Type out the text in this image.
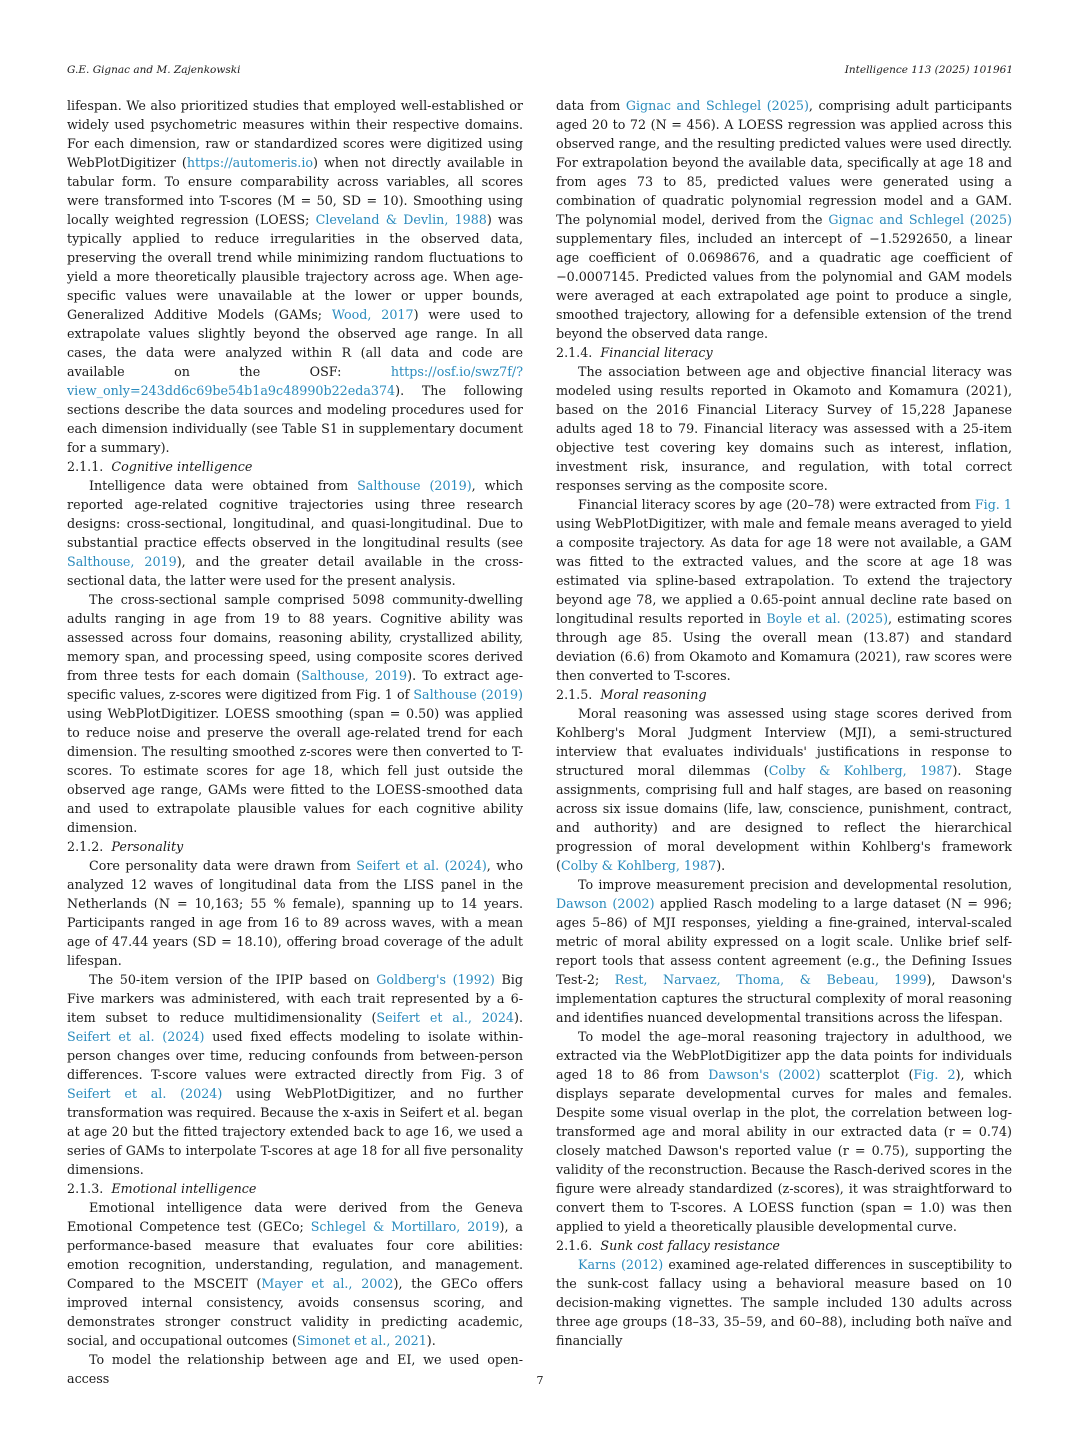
G.E. Gignac and M. Zajenkowski	Intelligence 113 (2025) 101961

lifespan. We also prioritized studies that employed well-established or widely used psychometric measures within their respective domains. For each dimension, raw or standardized scores were digitized using WebPlotDigitizer (https://automeris.io) when not directly available in tabular form. To ensure comparability across variables, all scores were transformed into T-scores (M = 50, SD = 10). Smoothing using locally weighted regression (LOESS; Cleveland & Devlin, 1988) was typically applied to reduce irregularities in the observed data, preserving the overall trend while minimizing random fluctuations to yield a more theoretically plausible trajectory across age. When age-specific values were unavailable at the lower or upper bounds, Generalized Additive Models (GAMs; Wood, 2017) were used to extrapolate values slightly beyond the observed age range. In all cases, the data were analyzed within R (all data and code are available on the OSF: https://osf.io/swz7f/?view_only=243dd6c69be54b1a9c48990b22eda374). The following sections describe the data sources and modeling procedures used for each dimension individually (see Table S1 in supplementary document for a summary).

2.1.1. Cognitive intelligence

Intelligence data were obtained from Salthouse (2019), which reported age-related cognitive trajectories using three research designs: cross-sectional, longitudinal, and quasi-longitudinal. Due to substantial practice effects observed in the longitudinal results (see Salthouse, 2019), and the greater detail available in the cross-sectional data, the latter were used for the present analysis.

The cross-sectional sample comprised 5098 community-dwelling adults ranging in age from 19 to 88 years. Cognitive ability was assessed across four domains, reasoning ability, crystallized ability, memory span, and processing speed, using composite scores derived from three tests for each domain (Salthouse, 2019). To extract age-specific values, z-scores were digitized from Fig. 1 of Salthouse (2019) using WebPlotDigitizer. LOESS smoothing (span = 0.50) was applied to reduce noise and preserve the overall age-related trend for each dimension. The resulting smoothed z-scores were then converted to T-scores. To estimate scores for age 18, which fell just outside the observed age range, GAMs were fitted to the LOESS-smoothed data and used to extrapolate plausible values for each cognitive ability dimension.

2.1.2. Personality

Core personality data were drawn from Seifert et al. (2024), who analyzed 12 waves of longitudinal data from the LISS panel in the Netherlands (N = 10,163; 55 % female), spanning up to 14 years. Participants ranged in age from 16 to 89 across waves, with a mean age of 47.44 years (SD = 18.10), offering broad coverage of the adult lifespan.

The 50-item version of the IPIP based on Goldberg's (1992) Big Five markers was administered, with each trait represented by a 6-item subset to reduce multidimensionality (Seifert et al., 2024). Seifert et al. (2024) used fixed effects modeling to isolate within-person changes over time, reducing confounds from between-person differences. T-score values were extracted directly from Fig. 3 of Seifert et al. (2024) using WebPlotDigitizer, and no further transformation was required. Because the x-axis in Seifert et al. began at age 20 but the fitted trajectory extended back to age 16, we used a series of GAMs to interpolate T-scores at age 18 for all five personality dimensions.

2.1.3. Emotional intelligence

Emotional intelligence data were derived from the Geneva Emotional Competence test (GECo; Schlegel & Mortillaro, 2019), a performance-based measure that evaluates four core abilities: emotion recognition, understanding, regulation, and management. Compared to the MSCEIT (Mayer et al., 2002), the GECo offers improved internal consistency, avoids consensus scoring, and demonstrates stronger construct validity in predicting academic, social, and occupational outcomes (Simonet et al., 2021).

To model the relationship between age and EI, we used open-access

data from Gignac and Schlegel (2025), comprising adult participants aged 20 to 72 (N = 456). A LOESS regression was applied across this observed range, and the resulting predicted values were used directly. For extrapolation beyond the available data, specifically at age 18 and from ages 73 to 85, predicted values were generated using a combination of quadratic polynomial regression model and a GAM. The polynomial model, derived from the Gignac and Schlegel (2025) supplementary files, included an intercept of −1.5292650, a linear age coefficient of 0.0698676, and a quadratic age coefficient of −0.0007145. Predicted values from the polynomial and GAM models were averaged at each extrapolated age point to produce a single, smoothed trajectory, allowing for a defensible extension of the trend beyond the observed data range.

2.1.4. Financial literacy

The association between age and objective financial literacy was modeled using results reported in Okamoto and Komamura (2021), based on the 2016 Financial Literacy Survey of 15,228 Japanese adults aged 18 to 79. Financial literacy was assessed with a 25-item objective test covering key domains such as interest, inflation, investment risk, insurance, and regulation, with total correct responses serving as the composite score.

Financial literacy scores by age (20–78) were extracted from Fig. 1 using WebPlotDigitizer, with male and female means averaged to yield a composite trajectory. As data for age 18 were not available, a GAM was fitted to the extracted values, and the score at age 18 was estimated via spline-based extrapolation. To extend the trajectory beyond age 78, we applied a 0.65-point annual decline rate based on longitudinal results reported in Boyle et al. (2025), estimating scores through age 85. Using the overall mean (13.87) and standard deviation (6.6) from Okamoto and Komamura (2021), raw scores were then converted to T-scores.

2.1.5. Moral reasoning

Moral reasoning was assessed using stage scores derived from Kohlberg's Moral Judgment Interview (MJI), a semi-structured interview that evaluates individuals' justifications in response to structured moral dilemmas (Colby & Kohlberg, 1987). Stage assignments, comprising full and half stages, are based on reasoning across six issue domains (life, law, conscience, punishment, contract, and authority) and are designed to reflect the hierarchical progression of moral development within Kohlberg's framework (Colby & Kohlberg, 1987).

To improve measurement precision and developmental resolution, Dawson (2002) applied Rasch modeling to a large dataset (N = 996; ages 5–86) of MJI responses, yielding a fine-grained, interval-scaled metric of moral ability expressed on a logit scale. Unlike brief self-report tools that assess content agreement (e.g., the Defining Issues Test-2; Rest, Narvaez, Thoma, & Bebeau, 1999), Dawson's implementation captures the structural complexity of moral reasoning and identifies nuanced developmental transitions across the lifespan.

To model the age–moral reasoning trajectory in adulthood, we extracted via the WebPlotDigitizer app the data points for individuals aged 18 to 86 from Dawson's (2002) scatterplot (Fig. 2), which displays separate developmental curves for males and females. Despite some visual overlap in the plot, the correlation between log-transformed age and moral ability in our extracted data (r = 0.74) closely matched Dawson's reported value (r = 0.75), supporting the validity of the reconstruction. Because the Rasch-derived scores in the figure were already standardized (z-scores), it was straightforward to convert them to T-scores. A LOESS function (span = 1.0) was then applied to yield a theoretically plausible developmental curve.

2.1.6. Sunk cost fallacy resistance

Karns (2012) examined age-related differences in susceptibility to the sunk-cost fallacy using a behavioral measure based on 10 decision-making vignettes. The sample included 130 adults across three age groups (18–33, 35–59, and 60–88), including both naïve and financially

7
